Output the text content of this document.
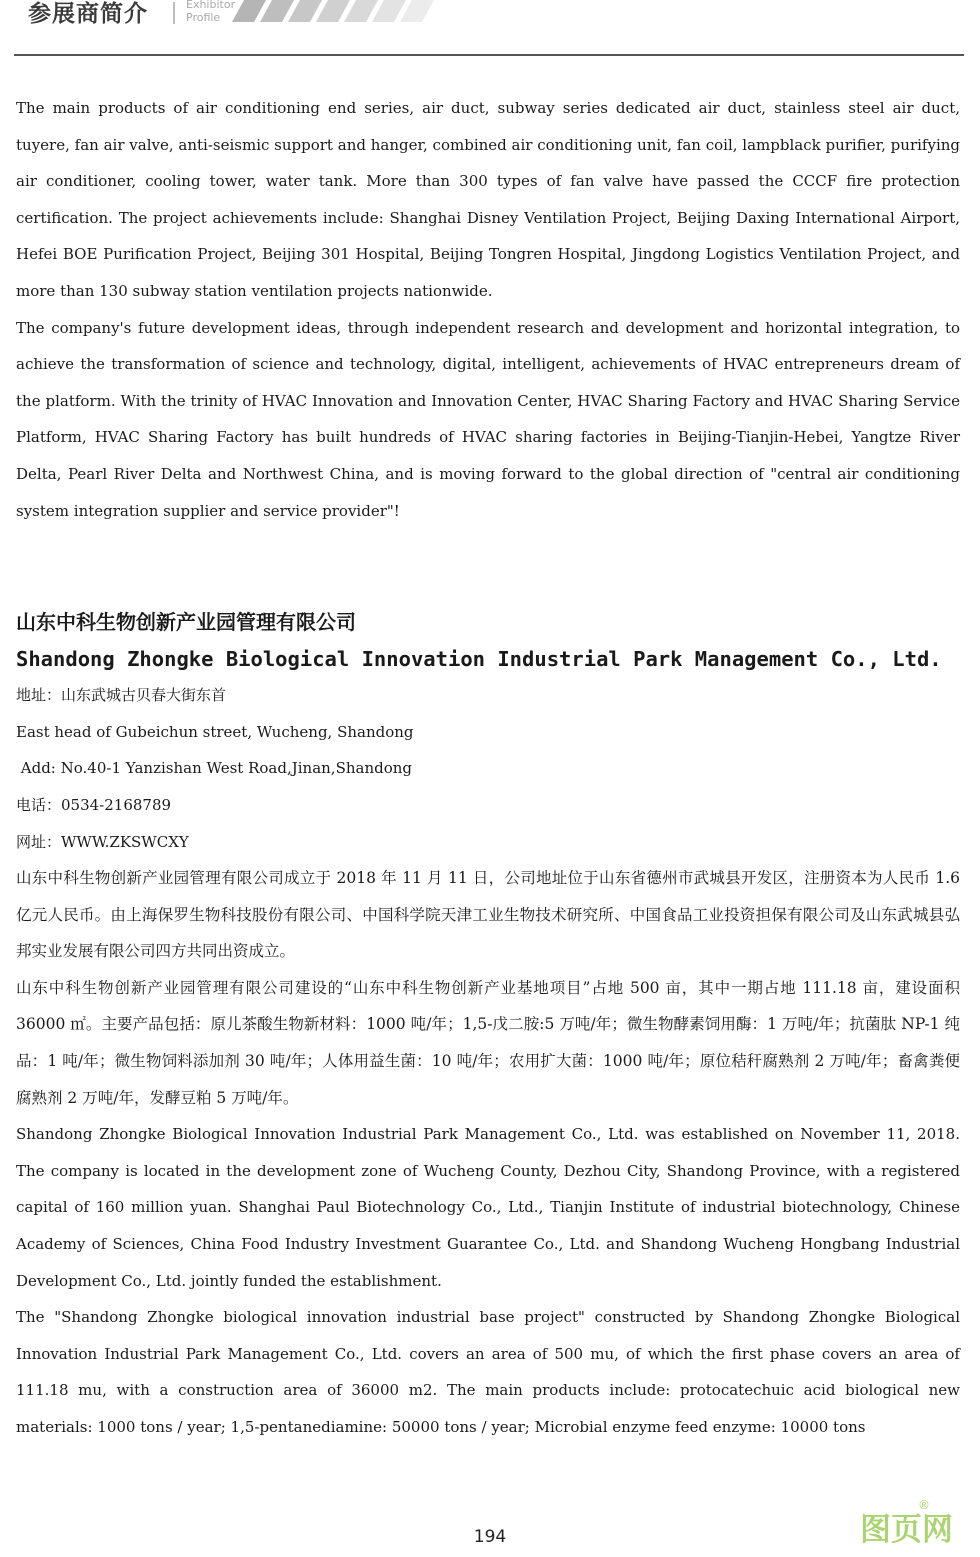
参展商简介	Exhibitor
Profile

The main products of air conditioning end series, air duct, subway series dedicated air duct, stainless steel air duct, tuyere, fan air valve, anti-seismic support and hanger, combined air conditioning unit, fan coil, lampblack purifier, purifying air conditioner, cooling tower, water tank. More than 300 types of fan valve have passed the CCCF fire protection certification. The project achievements include: Shanghai Disney Ventilation Project, Beijing Daxing International Airport, Hefei BOE Purification Project, Beijing 301 Hospital, Beijing Tongren Hospital, Jingdong Logistics Ventilation Project, and more than 130 subway station ventilation projects nationwide.

The company's future development ideas, through independent research and development and horizontal integration, to achieve the transformation of science and technology, digital, intelligent, achievements of HVAC entrepreneurs dream of the platform. With the trinity of HVAC Innovation and Innovation Center, HVAC Sharing Factory and HVAC Sharing Service Platform, HVAC Sharing Factory has built hundreds of HVAC sharing factories in Beijing-Tianjin-Hebei, Yangtze River Delta, Pearl River Delta and Northwest China, and is moving forward to the global direction of "central air conditioning system integration supplier and service provider"!

山东中科生物创新产业园管理有限公司
Shandong Zhongke Biological Innovation Industrial Park Management Co., Ltd.

地址：山东武城古贝春大街东首

East head of Gubeichun street, Wucheng, Shandong

Add: No.40-1 Yanzishan West Road,Jinan,Shandong

电话：0534-2168789

网址：WWW.ZKSWCXY

山东中科生物创新产业园管理有限公司成立于 2018 年 11 月 11 日，公司地址位于山东省德州市武城县开发区，注册资本为人民币 1.6 亿元人民币。由上海保罗生物科技股份有限公司、中国科学院天津工业生物技术研究所、中国食品工业投资担保有限公司及山东武城县弘邦实业发展有限公司四方共同出资成立。

山东中科生物创新产业园管理有限公司建设的“山东中科生物创新产业基地项目”占地 500 亩，其中一期占地 111.18 亩，建设面积 36000 ㎡。主要产品包括：原儿茶酸生物新材料：1000 吨/年；1,5-戊二胺:5 万吨/年；微生物酵素饲用酶：1 万吨/年；抗菌肽 NP-1 纯品：1 吨/年；微生物饲料添加剂 30 吨/年；人体用益生菌：10 吨/年；农用扩大菌：1000 吨/年；原位秸秆腐熟剂 2 万吨/年；畜禽粪便腐熟剂 2 万吨/年，发酵豆粕 5 万吨/年。

Shandong Zhongke Biological Innovation Industrial Park Management Co., Ltd. was established on November 11, 2018. The company is located in the development zone of Wucheng County, Dezhou City, Shandong Province, with a registered capital of 160 million yuan. Shanghai Paul Biotechnology Co., Ltd., Tianjin Institute of industrial biotechnology, Chinese Academy of Sciences, China Food Industry Investment Guarantee Co., Ltd. and Shandong Wucheng Hongbang Industrial Development Co., Ltd. jointly funded the establishment.

The "Shandong Zhongke biological innovation industrial base project" constructed by Shandong Zhongke Biological Innovation Industrial Park Management Co., Ltd. covers an area of 500 mu, of which the first phase covers an area of 111.18 mu, with a construction area of 36000 m2. The main products include: protocatechuic acid biological new materials: 1000 tons / year; 1,5-pentanediamine: 50000 tons / year; Microbial enzyme feed enzyme: 10000 tons

194	图页网
®
